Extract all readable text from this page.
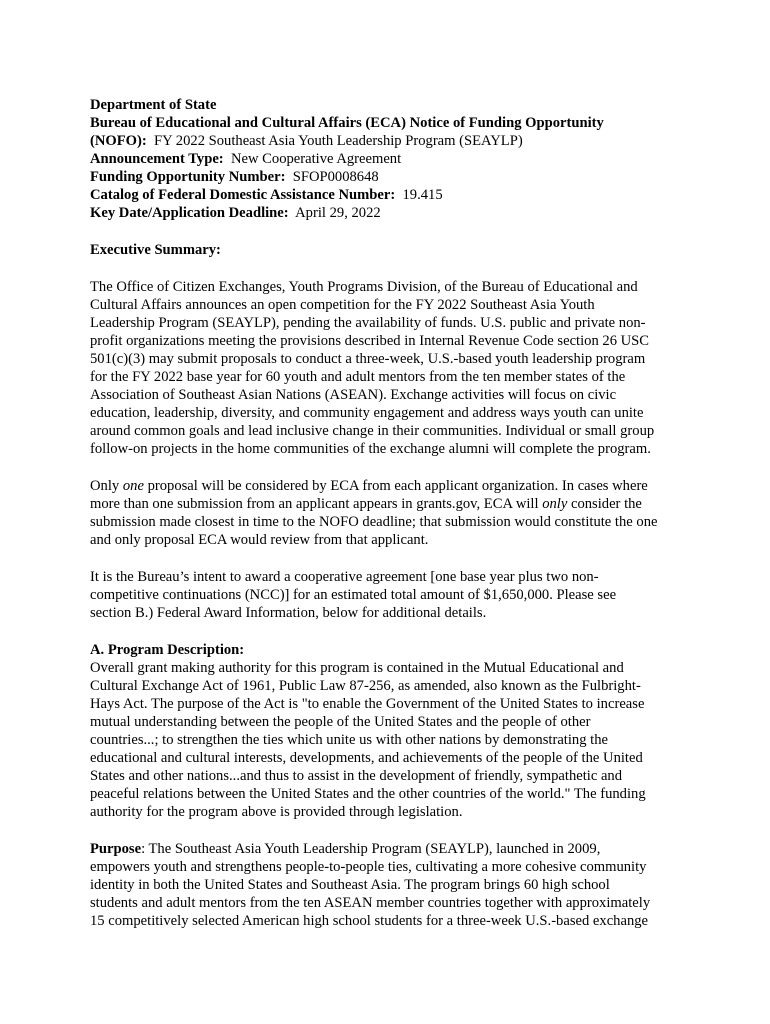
Department of State

Bureau of Educational and Cultural Affairs (ECA) Notice of Funding Opportunity

(NOFO): FY 2022 Southeast Asia Youth Leadership Program (SEAYLP)

Announcement Type: New Cooperative Agreement

Funding Opportunity Number: SFOP0008648

Catalog of Federal Domestic Assistance Number: 19.415

Key Date/Application Deadline: April 29, 2022

Executive Summary:

The Office of Citizen Exchanges, Youth Programs Division, of the Bureau of Educational and
Cultural Affairs announces an open competition for the FY 2022 Southeast Asia Youth
Leadership Program (SEAYLP), pending the availability of funds. U.S. public and private non-
profit organizations meeting the provisions described in Internal Revenue Code section 26 USC
501(c)(3) may submit proposals to conduct a three-week, U.S.-based youth leadership program
for the FY 2022 base year for 60 youth and adult mentors from the ten member states of the
Association of Southeast Asian Nations (ASEAN). Exchange activities will focus on civic
education, leadership, diversity, and community engagement and address ways youth can unite
around common goals and lead inclusive change in their communities. Individual or small group
follow-on projects in the home communities of the exchange alumni will complete the program.

Only one proposal will be considered by ECA from each applicant organization. In cases where
more than one submission from an applicant appears in grants.gov, ECA will only consider the
submission made closest in time to the NOFO deadline; that submission would constitute the one
and only proposal ECA would review from that applicant.

It is the Bureau’s intent to award a cooperative agreement [one base year plus two non-
competitive continuations (NCC)] for an estimated total amount of $1,650,000. Please see
section B.) Federal Award Information, below for additional details.

A. Program Description:

Overall grant making authority for this program is contained in the Mutual Educational and
Cultural Exchange Act of 1961, Public Law 87-256, as amended, also known as the Fulbright-
Hays Act. The purpose of the Act is "to enable the Government of the United States to increase
mutual understanding between the people of the United States and the people of other
countries...; to strengthen the ties which unite us with other nations by demonstrating the
educational and cultural interests, developments, and achievements of the people of the United
States and other nations...and thus to assist in the development of friendly, sympathetic and
peaceful relations between the United States and the other countries of the world." The funding
authority for the program above is provided through legislation.

Purpose: The Southeast Asia Youth Leadership Program (SEAYLP), launched in 2009,
empowers youth and strengthens people-to-people ties, cultivating a more cohesive community
identity in both the United States and Southeast Asia. The program brings 60 high school
students and adult mentors from the ten ASEAN member countries together with approximately
15 competitively selected American high school students for a three-week U.S.-based exchange
